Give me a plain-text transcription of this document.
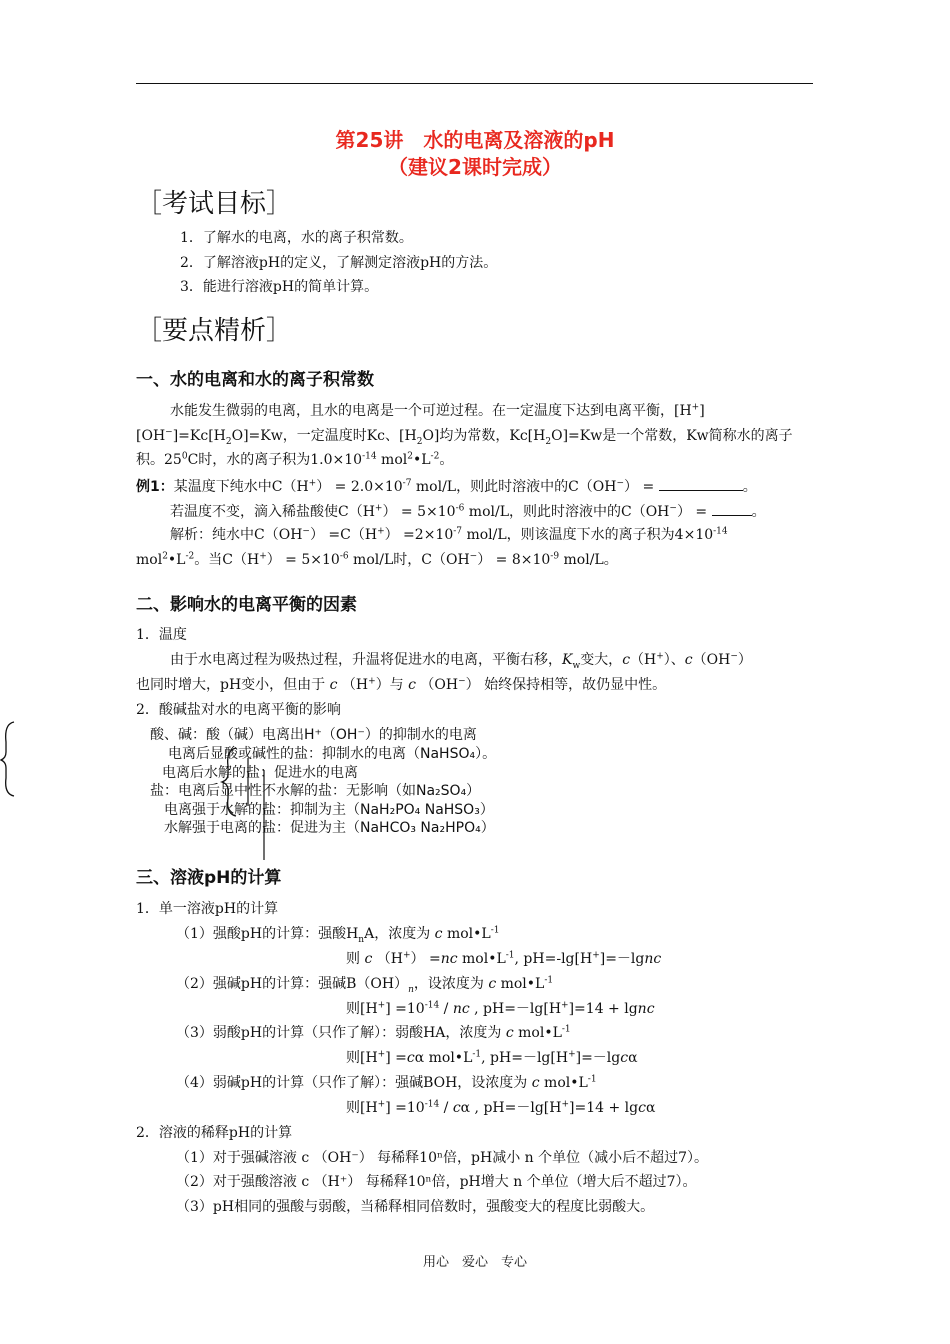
第25讲　水的电离及溶液的pH
（建议2课时完成）
［考试目标］
1．了解水的电离，水的离子积常数。
2．了解溶液pH的定义，了解测定溶液pH的方法。
3．能进行溶液pH的简单计算。
［要点精析］
一、水的电离和水的离子积常数
水能发生微弱的电离，且水的电离是一个可逆过程。在一定温度下达到电离平衡，[H+]
$[OH^-]=Kc[H_2O]=Kw$，一定温度时Kc、$[H_2O]$均为常数，$Kc[H_2O]=Kw$是一个常数，Kw简称水的离子
积。$25^0C$时，水的离子积为$1.0\times 10^{-14}$ $mol^2•L^{-2}$。
例1：某温度下纯水中$C(H^+) = 2.0\times 10^{-7}$ mol/L，则此时溶液中的C（OH−） =	。
若温度不变，滴入稀盐酸使$C(H^+) = 5\times 10^{-6}$ mol/L，则此时溶液中的C（OH−） =	。
解析：纯水中$C(OH^-) =C(H^+) =2\times 10^{-7}$ mol/L，则该温度下水的离子积为$4\times 10^{-14}$
$mol^2•L^{-2}$。当$C(H^+) = 5\times 10^{-6}$ mol/L时，$C(OH^-) = 8\times 10^{-9}$ mol/L。
二、影响水的电离平衡的因素
1．温度
由于水电离过程为吸热过程，升温将促进水的电离，平衡右移，$K_w$变大，c（H+）、c（OH−）
也同时增大，pH变小，但由于 c （H+）与 c （OH−） 始终保持相等，故仍显中性。
2．酸碱盐对水的电离平衡的影响
酸、碱：酸（碱）电离出H⁺（OH⁻）的抑制水的电离
电离后显酸或碱性的盐：抑制水的电离（NaHSO₄）。
电离后水解的盐：促进水的电离
盐：电离后显中性不水解的盐：无影响（如Na₂SO₄）
电离强于水解的盐：抑制为主（NaH₂PO₄ NaHSO₃）
水解强于电离的盐：促进为主（NaHCO₃ Na₂HPO₄）
三、溶液pH的计算
1．单一溶液pH的计算
（1）强酸pH的计算：强酸$H_nA$，浓度为 c $mol•L^{-1}$
则 c （H+） =nc $mol•L^{-1}$, pH=-lg[H+]=－lgnc
（2）强碱pH的计算：强碱$B(OH)_n$，设浓度为 c $mol•L^{-1}$
则$[H^+] =10^{-14}$ / nc , pH=－lg[H+]=14 + lgnc
（3）弱酸pH的计算（只作了解）：弱酸HA，浓度为 c $mol•L^{-1}$
则[H+] =cα $mol•L^{-1}$, pH=－lg[H+]=－lgcα
（4）弱碱pH的计算（只作了解）：强碱BOH，设浓度为 c $mol•L^{-1}$
则$[H^+] =10^{-14} / c\alpha$ , pH=－lg[H+]=14 + lgcα
2．溶液的稀释pH的计算
（1）对于强碱溶液 c （OH⁻） 每稀释10ⁿ倍，pH减小 n 个单位（减小后不超过7）。
（2）对于强酸溶液 c （H⁺） 每稀释10ⁿ倍，pH增大 n 个单位（增大后不超过7）。
（3）pH相同的强酸与弱酸，当稀释相同倍数时，强酸变大的程度比弱酸大。
用心　爱心　专心
